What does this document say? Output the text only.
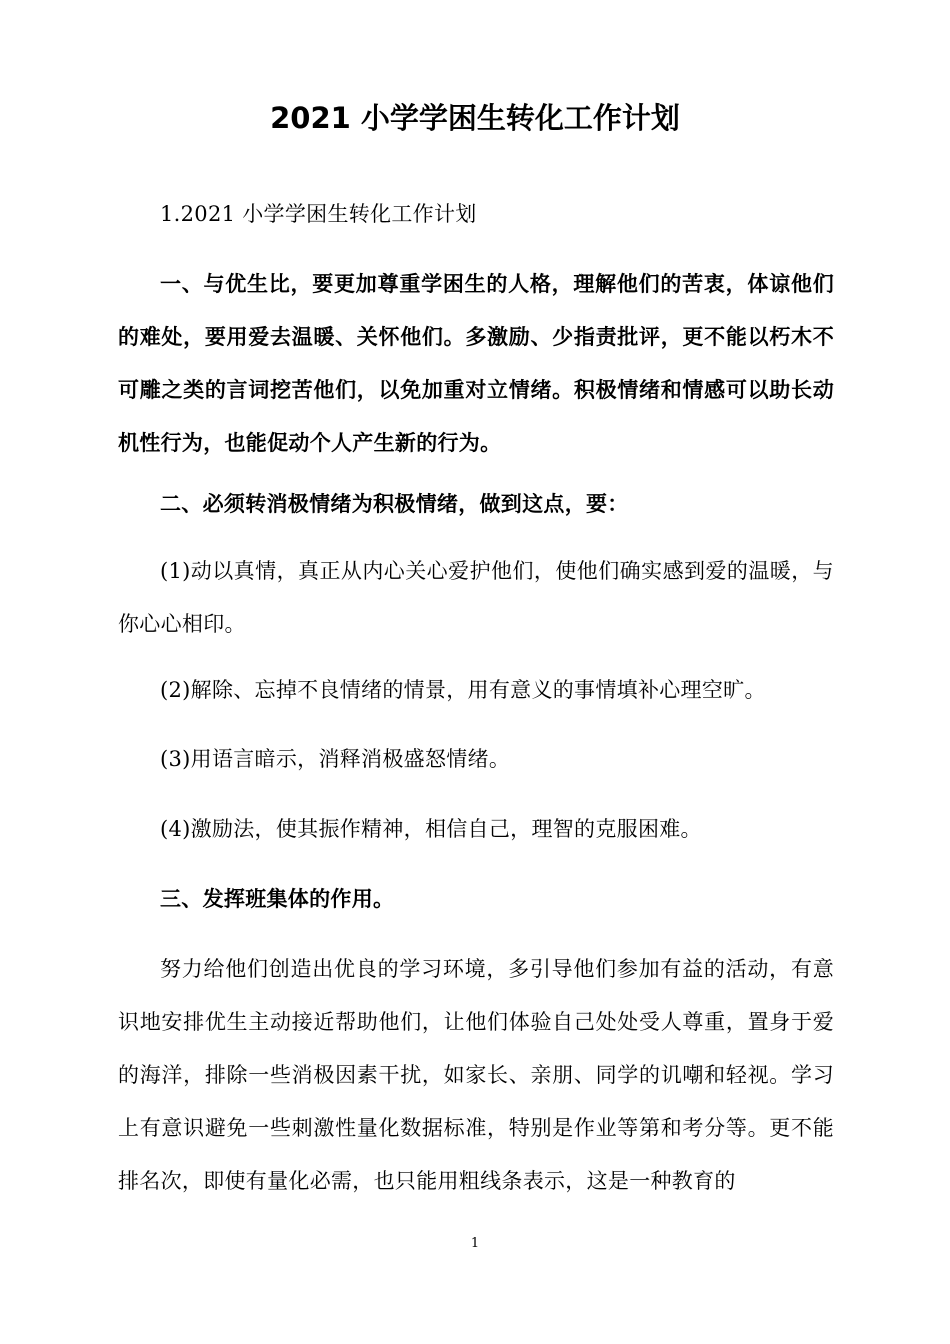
2021 小学学困生转化工作计划

1.2021 小学学困生转化工作计划

一、与优生比，要更加尊重学困生的人格，理解他们的苦衷，体谅他们的难处，要用爱去温暖、关怀他们。多激励、少指责批评，更不能以朽木不可雕之类的言词挖苦他们，以免加重对立情绪。积极情绪和情感可以助长动机性行为，也能促动个人产生新的行为。

二、必须转消极情绪为积极情绪，做到这点，要：

(1)动以真情，真正从内心关心爱护他们，使他们确实感到爱的温暖，与你心心相印。

(2)解除、忘掉不良情绪的情景，用有意义的事情填补心理空旷。

(3)用语言暗示，消释消极盛怒情绪。

(4)激励法，使其振作精神，相信自己，理智的克服困难。

三、发挥班集体的作用。

努力给他们创造出优良的学习环境，多引导他们参加有益的活动，有意识地安排优生主动接近帮助他们，让他们体验自己处处受人尊重，置身于爱的海洋，排除一些消极因素干扰，如家长、亲朋、同学的讥嘲和轻视。学习上有意识避免一些刺激性量化数据标准，特别是作业等第和考分等。更不能排名次，即使有量化必需，也只能用粗线条表示，这是一种教育的

1
